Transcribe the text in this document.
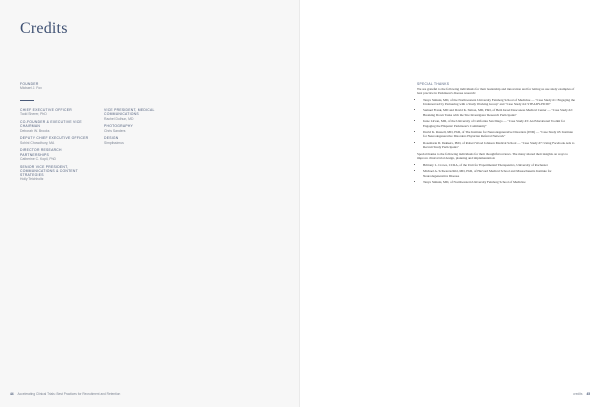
Credits
FOUNDER
Michael J. Fox
CHIEF EXECUTIVE OFFICER
Todd Sherer, PhD
CO-FOUNDER & EXECUTIVE VICE CHAIRMAN
Deborah W. Brooks
DEPUTY CHIEF EXECUTIVE OFFICER
Sohini Chowdhury, MA
DIRECTOR RESEARCH PARTNERSHIPS
Catherine C. Kopil, PhD
SENIOR VICE PRESIDENT, COMMUNICATIONS & CONTENT STRATEGIES
Holly Teichholtz
VICE PRESIDENT, MEDICAL COMMUNICATIONS
Rachel Dolhun, MD
PHOTOGRAPHY
Chris Sanders
DESIGN
Simplissimus
44 Accelerating Clinical Trials: Best Practices for Recruitment and Retention
SPECIAL THANKS

We are grateful to the following individuals for their leadership and innovation and for letting us use study examples of best practice in Parkinson's disease research:

• Tanya Simuni, MD, of the Northwestern University Feinberg School of Medicine — "Case Study #1: Engaging the Underserved by Partnering with a Study Working Group" and "Case Study #4: STEADY-PD III"
• Samuel Frank, MD and David K. Simon, MD, PhD, of Beth Israel Deaconess Medical Center — "Case Study #2: Breaking Down Tasks with the Site Investigator Research Participants"
• Irene Litvan, MD, of the University of California San Diego — "Case Study #3: An Educational Toolkit for Engaging the Hispanic Parkinson's Community"
• David K. Russell, MD, PhD, of The Institute for Neurodegenerative Disorders (IND) — "Case Study #5: Institute for Neurodegenerative Disorders Physician Referral Network"
• Rosemarie D. Dekkers, PhD, of Robert Wood Johnson Medical School — "Case Study #7: Using Facebook Ads to Recruit Study Participants"

Special thanks to the following individuals for their thoughtful reviews. The many shared their insights on ways to improve clinical trial design, planning and implementation:

• Brittany L. Crowe, CCRA, of the Unit for Experimental Therapeutics, University of Rochester
• Michael A. Schwarzschild, MD, PhD, of Harvard Medical School and Massachusetts Institute for Neurodegenerative Disease
• Tanya Simuni, MD, of Northwestern University Feinberg School of Medicine
credits 45
